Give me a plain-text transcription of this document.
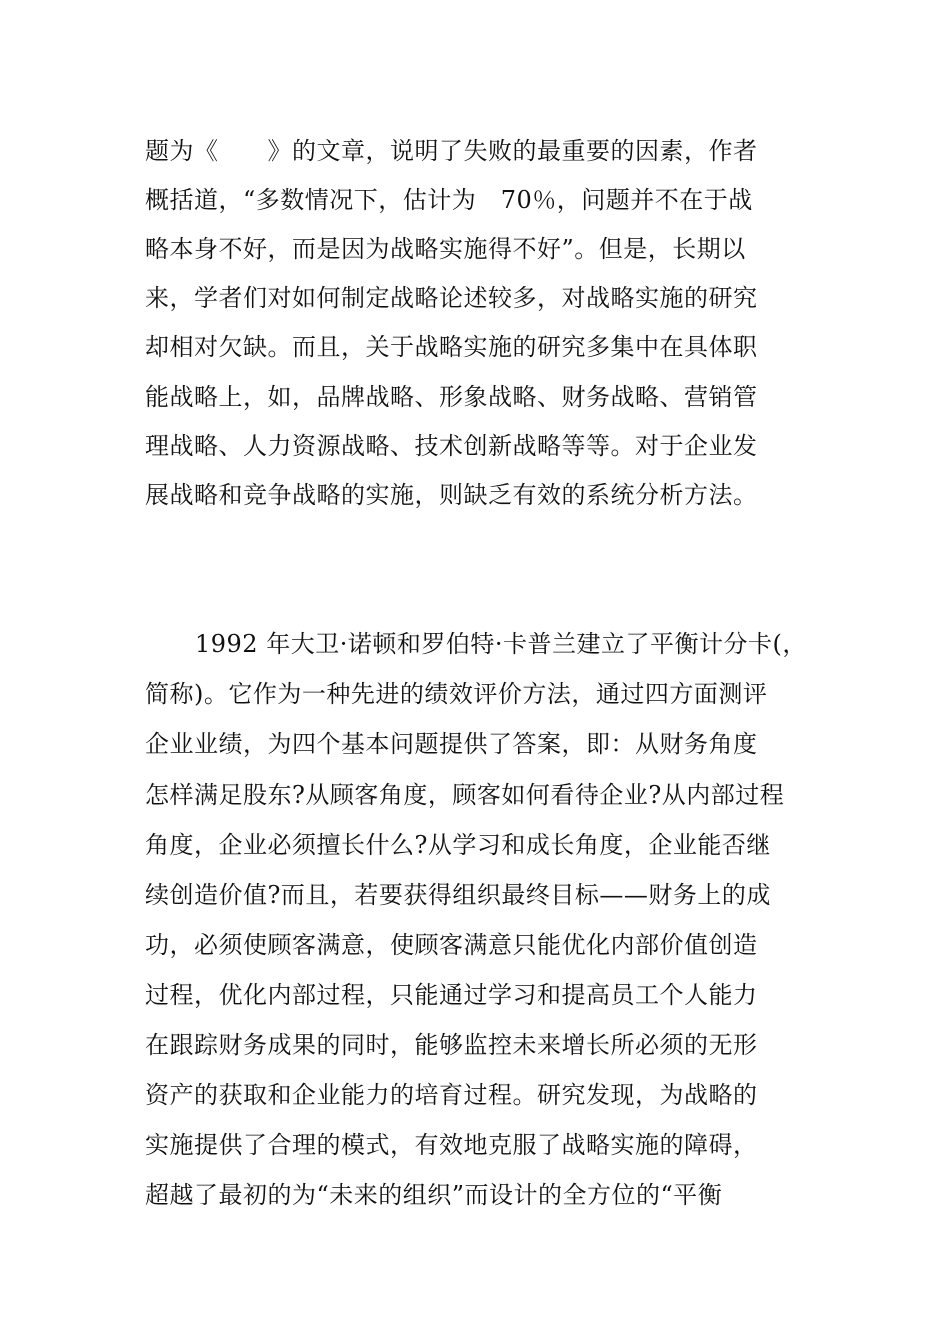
题为《　　》的文章，说明了失败的最重要的因素，作者
概括道，“多数情况下，估计为　70％，问题并不在于战
略本身不好，而是因为战略实施得不好”。但是，长期以
来，学者们对如何制定战略论述较多，对战略实施的研究
却相对欠缺。而且，关于战略实施的研究多集中在具体职
能战略上，如，品牌战略、形象战略、财务战略、营销管
理战略、人力资源战略、技术创新战略等等。对于企业发
展战略和竞争战略的实施，则缺乏有效的系统分析方法。
1992 年大卫·诺顿和罗伯特·卡普兰建立了平衡计分卡(，
简称)。它作为一种先进的绩效评价方法，通过四方面测评
企业业绩，为四个基本问题提供了答案，即：从财务角度
怎样满足股东?从顾客角度，顾客如何看待企业?从内部过程
角度，企业必须擅长什么?从学习和成长角度，企业能否继
续创造价值?而且，若要获得组织最终目标——财务上的成
功，必须使顾客满意，使顾客满意只能优化内部价值创造
过程，优化内部过程，只能通过学习和提高员工个人能力
在跟踪财务成果的同时，能够监控未来增长所必须的无形
资产的获取和企业能力的培育过程。研究发现，为战略的
实施提供了合理的模式，有效地克服了战略实施的障碍，
超越了最初的为“未来的组织”而设计的全方位的“平衡
